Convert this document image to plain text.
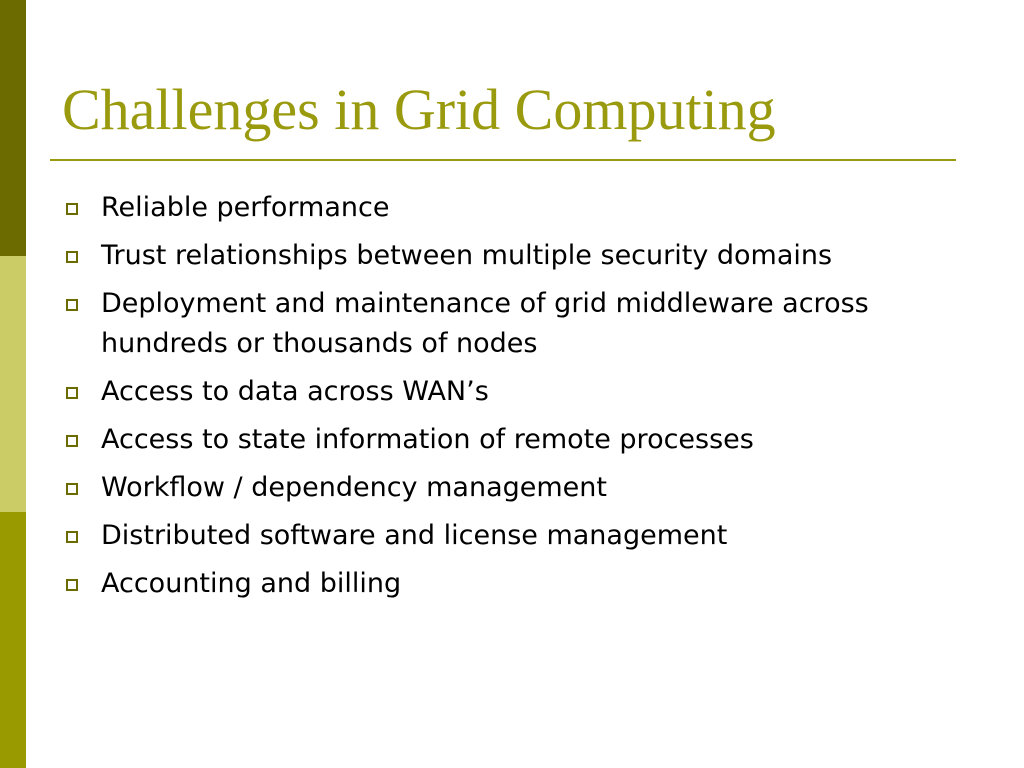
Challenges in Grid Computing
Reliable performance
Trust relationships between multiple security domains
Deployment and maintenance of grid middleware across hundreds or thousands of nodes
Access to data across WAN’s
Access to state information of remote processes
Workflow / dependency management
Distributed software and license management
Accounting and billing
